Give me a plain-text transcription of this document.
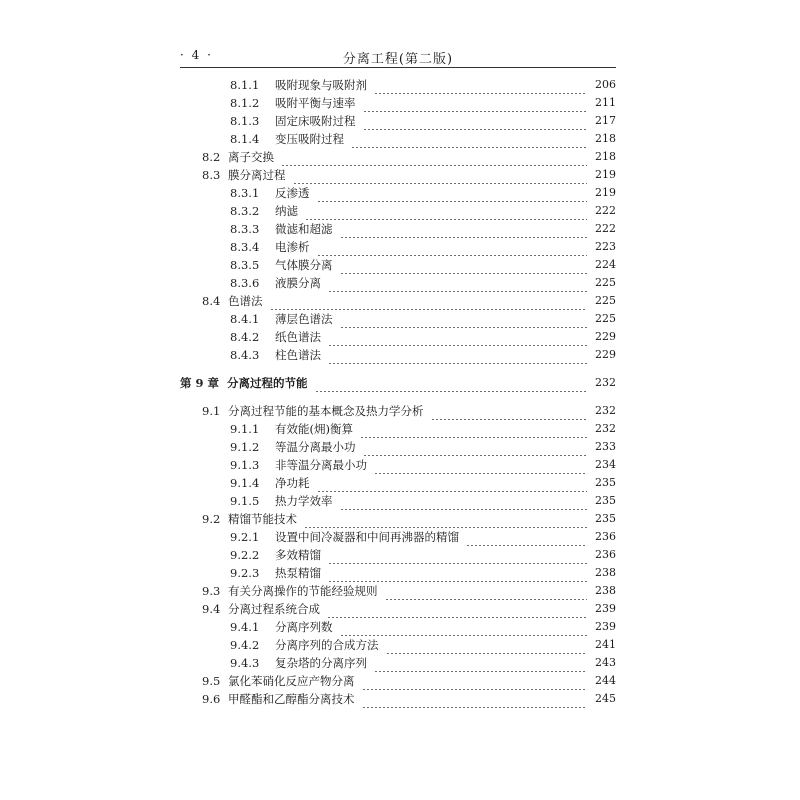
· 4 ·	分离工程(第二版)
8.1.1	吸附现象与吸附剂	206
8.1.2	吸附平衡与速率	211
8.1.3	固定床吸附过程	217
8.1.4	变压吸附过程	218
8.2 离子交换	218
8.3 膜分离过程	219
8.3.1	反渗透	219
8.3.2	纳滤	222
8.3.3	微滤和超滤	222
8.3.4	电渗析	223
8.3.5	气体膜分离	224
8.3.6	液膜分离	225
8.4 色谱法	225
8.4.1	薄层色谱法	225
8.4.2	纸色谱法	229
8.4.3	柱色谱法	229
第 9 章 分离过程的节能	232
9.1 分离过程节能的基本概念及热力学分析	232
9.1.1	有效能(㶲)衡算	232
9.1.2	等温分离最小功	233
9.1.3	非等温分离最小功	234
9.1.4	净功耗	235
9.1.5	热力学效率	235
9.2 精馏节能技术	235
9.2.1	设置中间冷凝器和中间再沸器的精馏	236
9.2.2	多效精馏	236
9.2.3	热泵精馏	238
9.3 有关分离操作的节能经验规则	238
9.4 分离过程系统合成	239
9.4.1	分离序列数	239
9.4.2	分离序列的合成方法	241
9.4.3	复杂塔的分离序列	243
9.5 氯化苯硝化反应产物分离	244
9.6 甲醛酯和乙醇酯分离技术	245
